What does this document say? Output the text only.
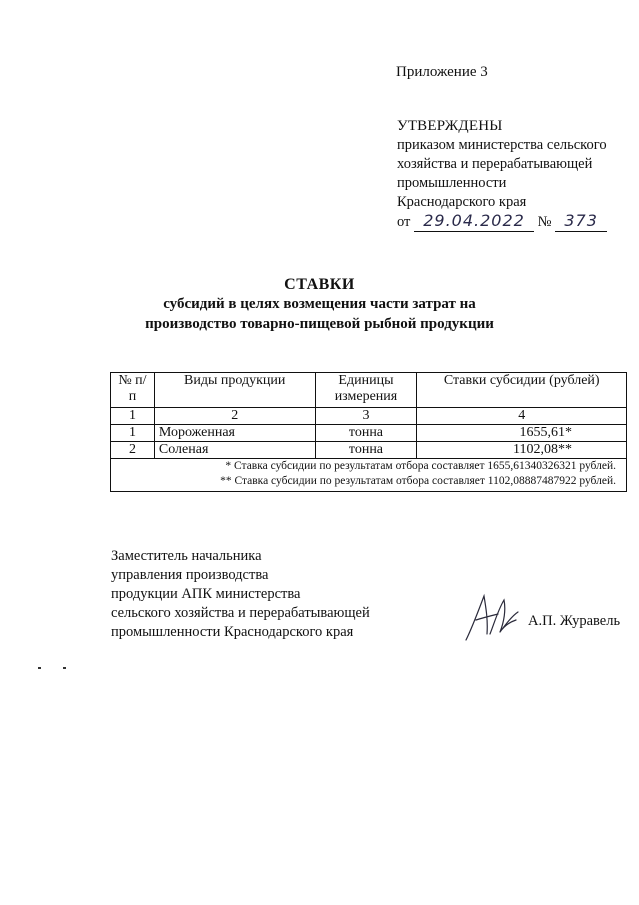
Приложение 3
УТВЕРЖДЕНЫ
приказом министерства сельского
хозяйства и перерабатывающей
промышленности
Краснодарского края
от 29.04.2022 № 373
СТАВКИ
субсидий в целях возмещения части затрат на
производство товарно-пищевой рыбной продукции
№ п/п	Виды продукции	Единицы измерения	Ставки субсидии (рублей)
1	2	3	4
1	Мороженная	тонна	1655,61*
2	Соленая	тонна	1102,08**

* Ставка субсидии по результатам отбора составляет 1655,61340326321 рублей.
** Ставка субсидии по результатам отбора составляет 1102,08887487922 рублей.			
Заместитель начальника
управления производства
продукции АПК министерства
сельского хозяйства и перерабатывающей
промышленности Краснодарского края
А.П. Журавель
